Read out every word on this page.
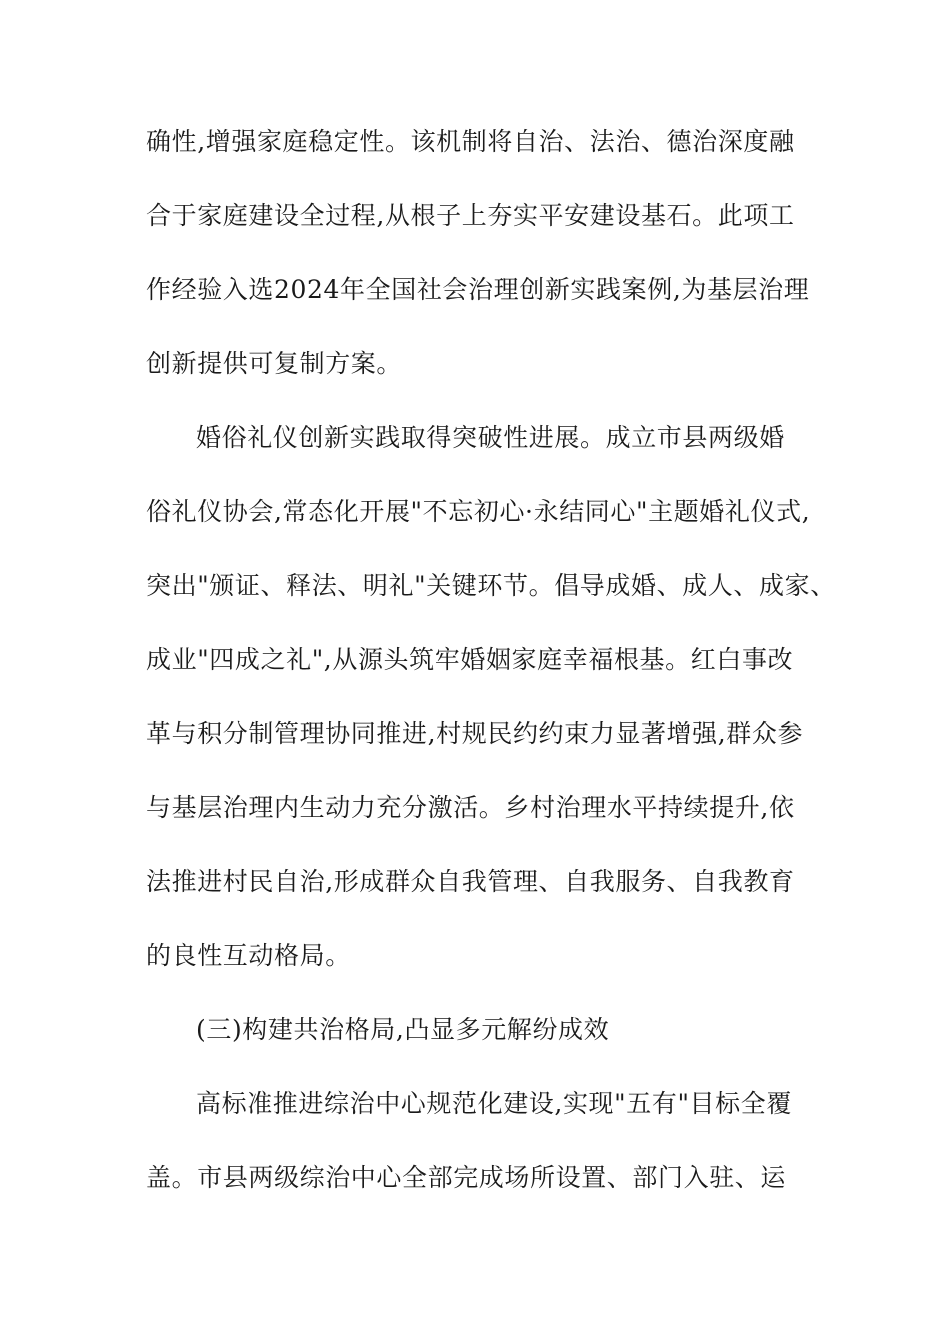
确性,增强家庭稳定性。该机制将自治、法治、德治深度融
合于家庭建设全过程,从根子上夯实平安建设基石。此项工
作经验入选2024年全国社会治理创新实践案例,为基层治理
创新提供可复制方案。
婚俗礼仪创新实践取得突破性进展。成立市县两级婚
俗礼仪协会,常态化开展"不忘初心·永结同心"主题婚礼仪式,
突出"颁证、释法、明礼"关键环节。倡导成婚、成人、成家、
成业"四成之礼",从源头筑牢婚姻家庭幸福根基。红白事改
革与积分制管理协同推进,村规民约约束力显著增强,群众参
与基层治理内生动力充分激活。乡村治理水平持续提升,依
法推进村民自治,形成群众自我管理、自我服务、自我教育
的良性互动格局。
(三)构建共治格局,凸显多元解纷成效
高标准推进综治中心规范化建设,实现"五有"目标全覆
盖。市县两级综治中心全部完成场所设置、部门入驻、运
